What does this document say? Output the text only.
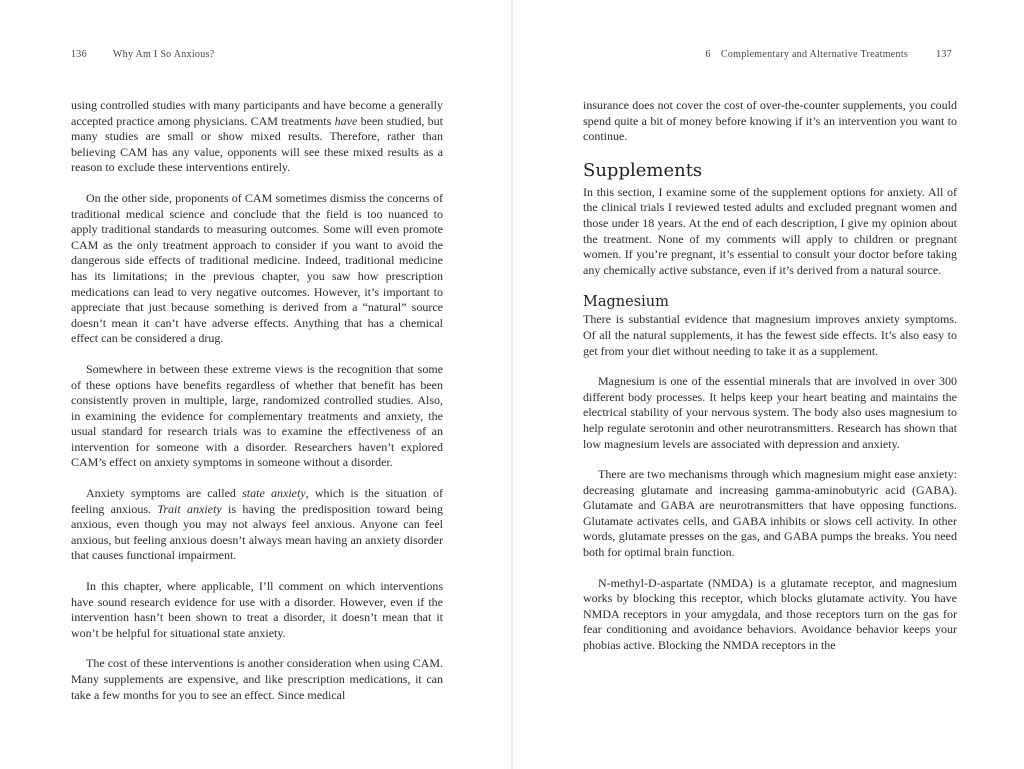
136	Why Am I So Anxious?

using controlled studies with many participants and have become a generally accepted practice among physicians. CAM treatments have been studied, but many studies are small or show mixed results. Therefore, rather than believing CAM has any value, opponents will see these mixed results as a reason to exclude these interventions entirely.

On the other side, proponents of CAM sometimes dismiss the concerns of traditional medical science and conclude that the field is too nuanced to apply traditional standards to measuring outcomes. Some will even promote CAM as the only treatment approach to consider if you want to avoid the dangerous side effects of traditional medicine. Indeed, traditional medicine has its limitations; in the previous chapter, you saw how prescription medications can lead to very negative outcomes. However, it’s important to appreciate that just because something is derived from a “natural” source doesn’t mean it can’t have adverse effects. Anything that has a chemical effect can be considered a drug.

Somewhere in between these extreme views is the recognition that some of these options have benefits regardless of whether that benefit has been consistently proven in multiple, large, randomized controlled studies. Also, in examining the evidence for complementary treatments and anxiety, the usual standard for research trials was to examine the effectiveness of an intervention for someone with a disorder. Researchers haven’t explored CAM’s effect on anxiety symptoms in someone without a disorder.

Anxiety symptoms are called state anxiety, which is the situation of feeling anxious. Trait anxiety is having the predisposition toward being anxious, even though you may not always feel anxious. Anyone can feel anxious, but feeling anxious doesn’t always mean having an anxiety disorder that causes functional impairment.

In this chapter, where applicable, I’ll comment on which interventions have sound research evidence for use with a disorder. However, even if the intervention hasn’t been shown to treat a disorder, it doesn’t mean that it won’t be helpful for situational state anxiety.

The cost of these interventions is another consideration when using CAM. Many supplements are expensive, and like prescription medications, it can take a few months for you to see an effect. Since medical

6 Complementary and Alternative Treatments	137

insurance does not cover the cost of over-the-counter supplements, you could spend quite a bit of money before knowing if it’s an intervention you want to continue.

Supplements

In this section, I examine some of the supplement options for anxiety. All of the clinical trials I reviewed tested adults and excluded pregnant women and those under 18 years. At the end of each description, I give my opinion about the treatment. None of my comments will apply to children or pregnant women. If you’re pregnant, it’s essential to consult your doctor before taking any chemically active substance, even if it’s derived from a natural source.

Magnesium

There is substantial evidence that magnesium improves anxiety symptoms. Of all the natural supplements, it has the fewest side effects. It’s also easy to get from your diet without needing to take it as a supplement.

Magnesium is one of the essential minerals that are involved in over 300 different body processes. It helps keep your heart beating and maintains the electrical stability of your nervous system. The body also uses magnesium to help regulate serotonin and other neurotransmitters. Research has shown that low magnesium levels are associated with depression and anxiety.

There are two mechanisms through which magnesium might ease anxiety: decreasing glutamate and increasing gamma-aminobutyric acid (GABA). Glutamate and GABA are neurotransmitters that have opposing functions. Glutamate activates cells, and GABA inhibits or slows cell activity. In other words, glutamate presses on the gas, and GABA pumps the breaks. You need both for optimal brain function.

N-methyl-D-aspartate (NMDA) is a glutamate receptor, and magnesium works by blocking this receptor, which blocks glutamate activity. You have NMDA receptors in your amygdala, and those receptors turn on the gas for fear conditioning and avoidance behaviors. Avoidance behavior keeps your phobias active. Blocking the NMDA receptors in the
